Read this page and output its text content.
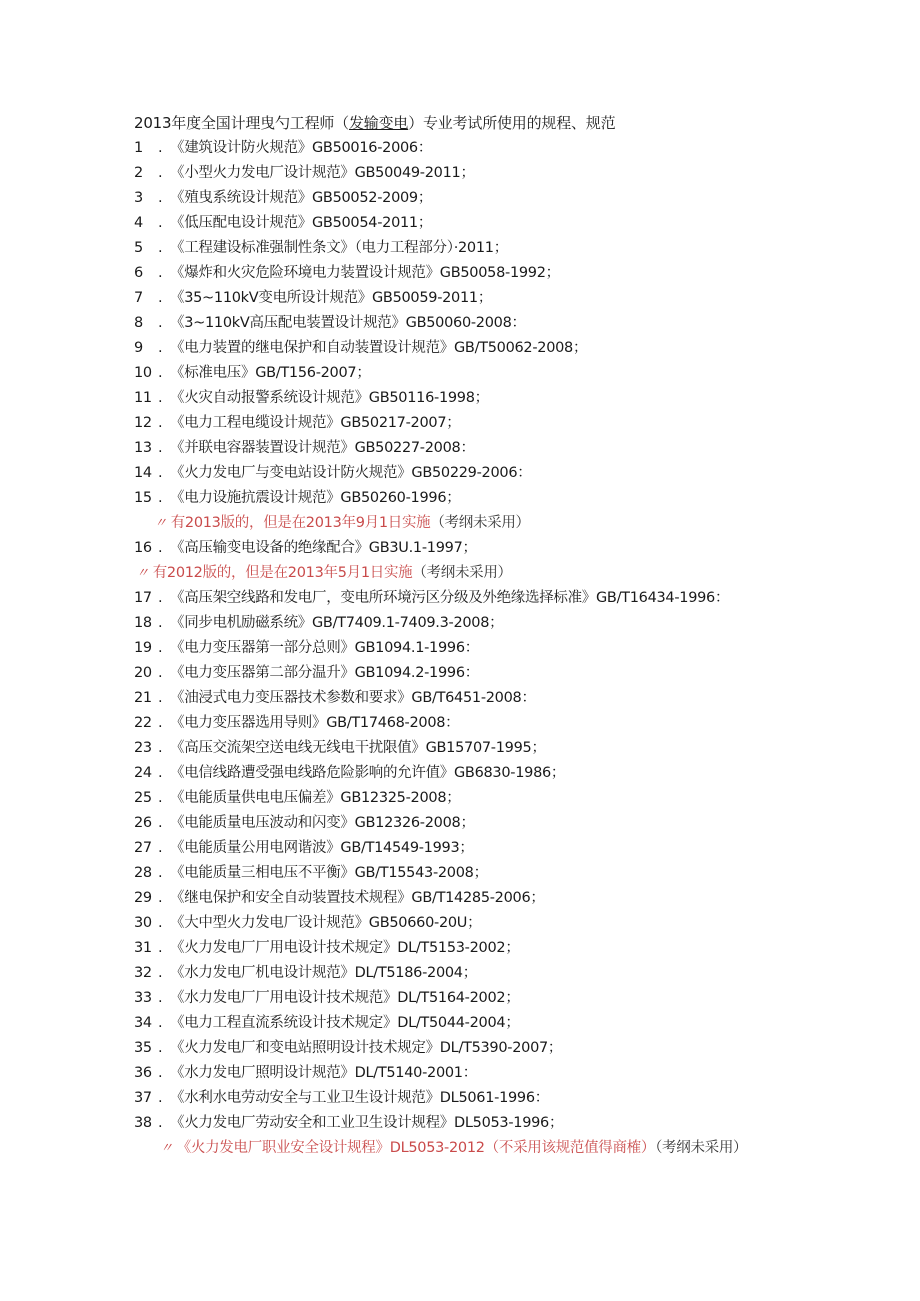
2013年度全国计理曳勺工程师（发输变电）专业考试所使用的规程、规范
1 . 《建筑设计防火规范》GB50016-2006：
2 . 《小型火力发电厂设计规范》GB50049-2011；
3 . 《殖曳系统设计规范》GB50052-2009；
4 . 《低压配电设计规范》GB50054-2011；
5 . 《工程建设标准强制性条文》（电力工程部分）·2011；
6 . 《爆炸和火灾危险环境电力装置设计规范》GB50058-1992；
7 . 《35~110kV变电所设计规范》GB50059-2011；
8 . 《3~110kV高压配电装置设计规范》GB50060-2008：
9 . 《电力装置的继电保护和自动装置设计规范》GB/T50062-2008；
10 . 《标准电压》GB/T156-2007；
11 . 《火灾自动报警系统设计规范》GB50116-1998；
12 . 《电力工程电缆设计规范》GB50217-2007；
13 . 《并联电容器装置设计规范》GB50227-2008：
14 . 《火力发电厂与变电站设计防火规范》GB50229-2006：
15 . 《电力设施抗震设计规范》GB50260-1996；
〃 有2013版的，但是在2013年9月1日实施（考纲未采用）
16 . 《高压输变电设备的绝缘配合》GB3U.1-1997；
〃 有2012版的，但是在2013年5月1日实施（考纲未采用）
17 . 《高压架空线路和发电厂，变电所环境污区分级及外绝缘选择标准》GB/T16434-1996：
18 . 《同步电机励磁系统》GB/T7409.1-7409.3-2008；
19 . 《电力变压器第一部分总则》GB1094.1-1996：
20 . 《电力变压器第二部分温升》GB1094.2-1996：
21 . 《油浸式电力变压器技术参数和要求》GB/T6451-2008：
22 . 《电力变压器选用导则》GB/T17468-2008：
23 . 《高压交流架空送电线无线电干扰限值》GB15707-1995；
24 . 《电信线路遭受强电线路危险影响的允许值》GB6830-1986；
25 . 《电能质量供电电压偏差》GB12325-2008；
26 . 《电能质量电压波动和闪变》GB12326-2008；
27 . 《电能质量公用电网谐波》GB/T14549-1993；
28 . 《电能质量三相电压不平衡》GB/T15543-2008；
29 . 《继电保护和安全自动装置技术规程》GB/T14285-2006；
30 . 《大中型火力发电厂设计规范》GB50660-20U；
31 . 《火力发电厂厂用电设计技术规定》DL/T5153-2002；
32 . 《水力发电厂机电设计规范》DL/T5186-2004；
33 . 《水力发电厂厂用电设计技术规范》DL/T5164-2002；
34 . 《电力工程直流系统设计技术规定》DL/T5044-2004；
35 . 《火力发电厂和变电站照明设计技术规定》DL/T5390-2007；
36 . 《水力发电厂照明设计规范》DL/T5140-2001：
37 . 《水利水电劳动安全与工业卫生设计规范》DL5061-1996：
38 . 《火力发电厂劳动安全和工业卫生设计规程》DL5053-1996；
〃 《火力发电厂职业安全设计规程》DL5053-2012（不采用该规范值得商榷）（考纲未采用）
